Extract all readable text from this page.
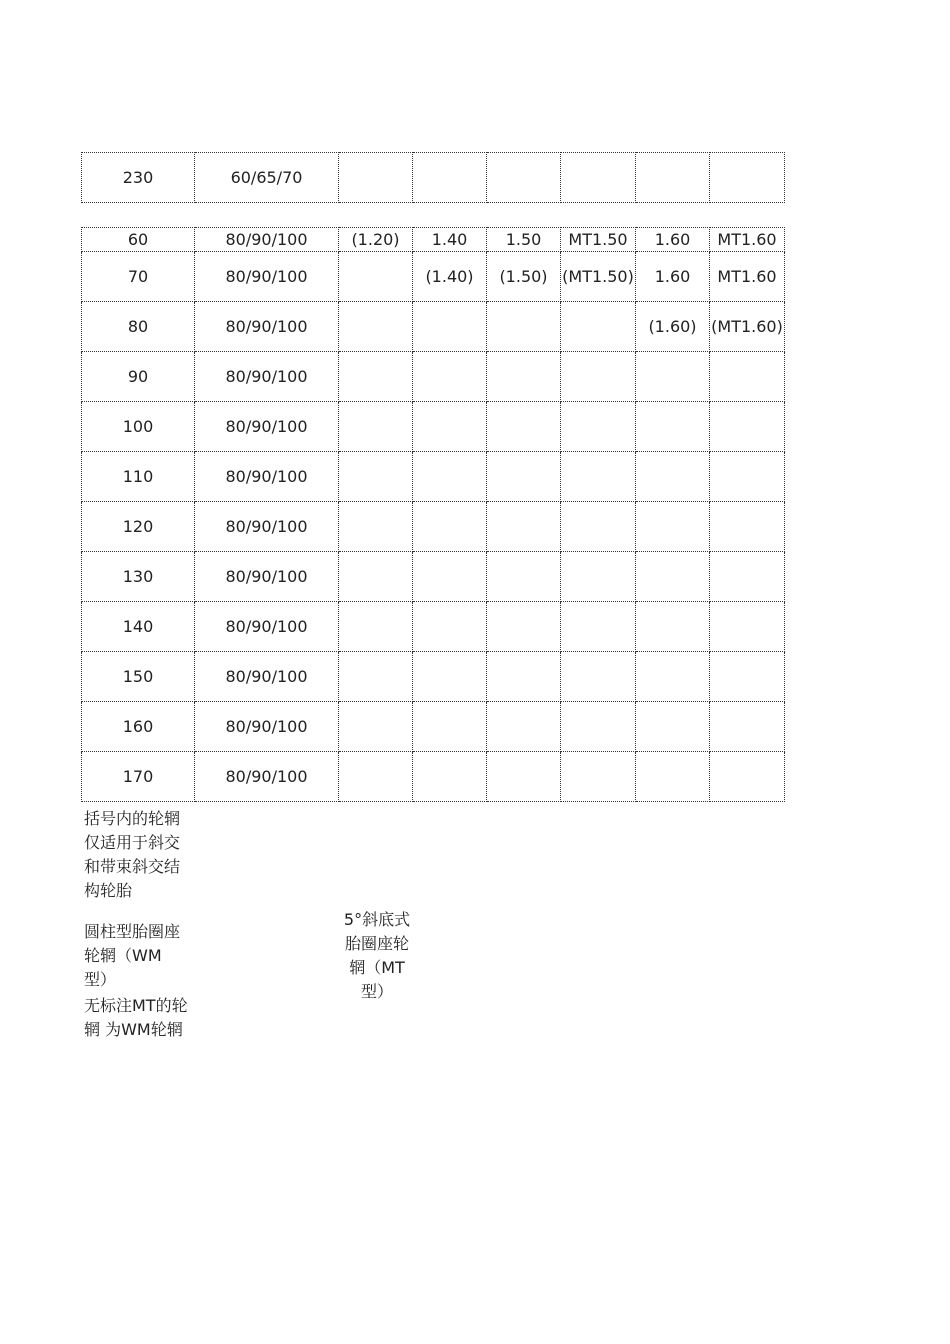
230	60/65/70						
60	80/90/100	(1.20)	1.40	1.50	MT1.50	1.60	MT1.60
70	80/90/100		(1.40)	(1.50)	(MT1.50)	1.60	MT1.60
80	80/90/100					(1.60)	(MT1.60)
90	80/90/100						
100	80/90/100						
110	80/90/100						
120	80/90/100						
130	80/90/100						
140	80/90/100						
150	80/90/100						
160	80/90/100						
170	80/90/100						
括号内的轮辋仅适用于斜交和带束斜交结构轮胎
圆柱型胎圈座轮辋（WM型）
无标注MT的轮辋 为WM轮辋
5°斜底式胎圈座轮辋（MT型）
